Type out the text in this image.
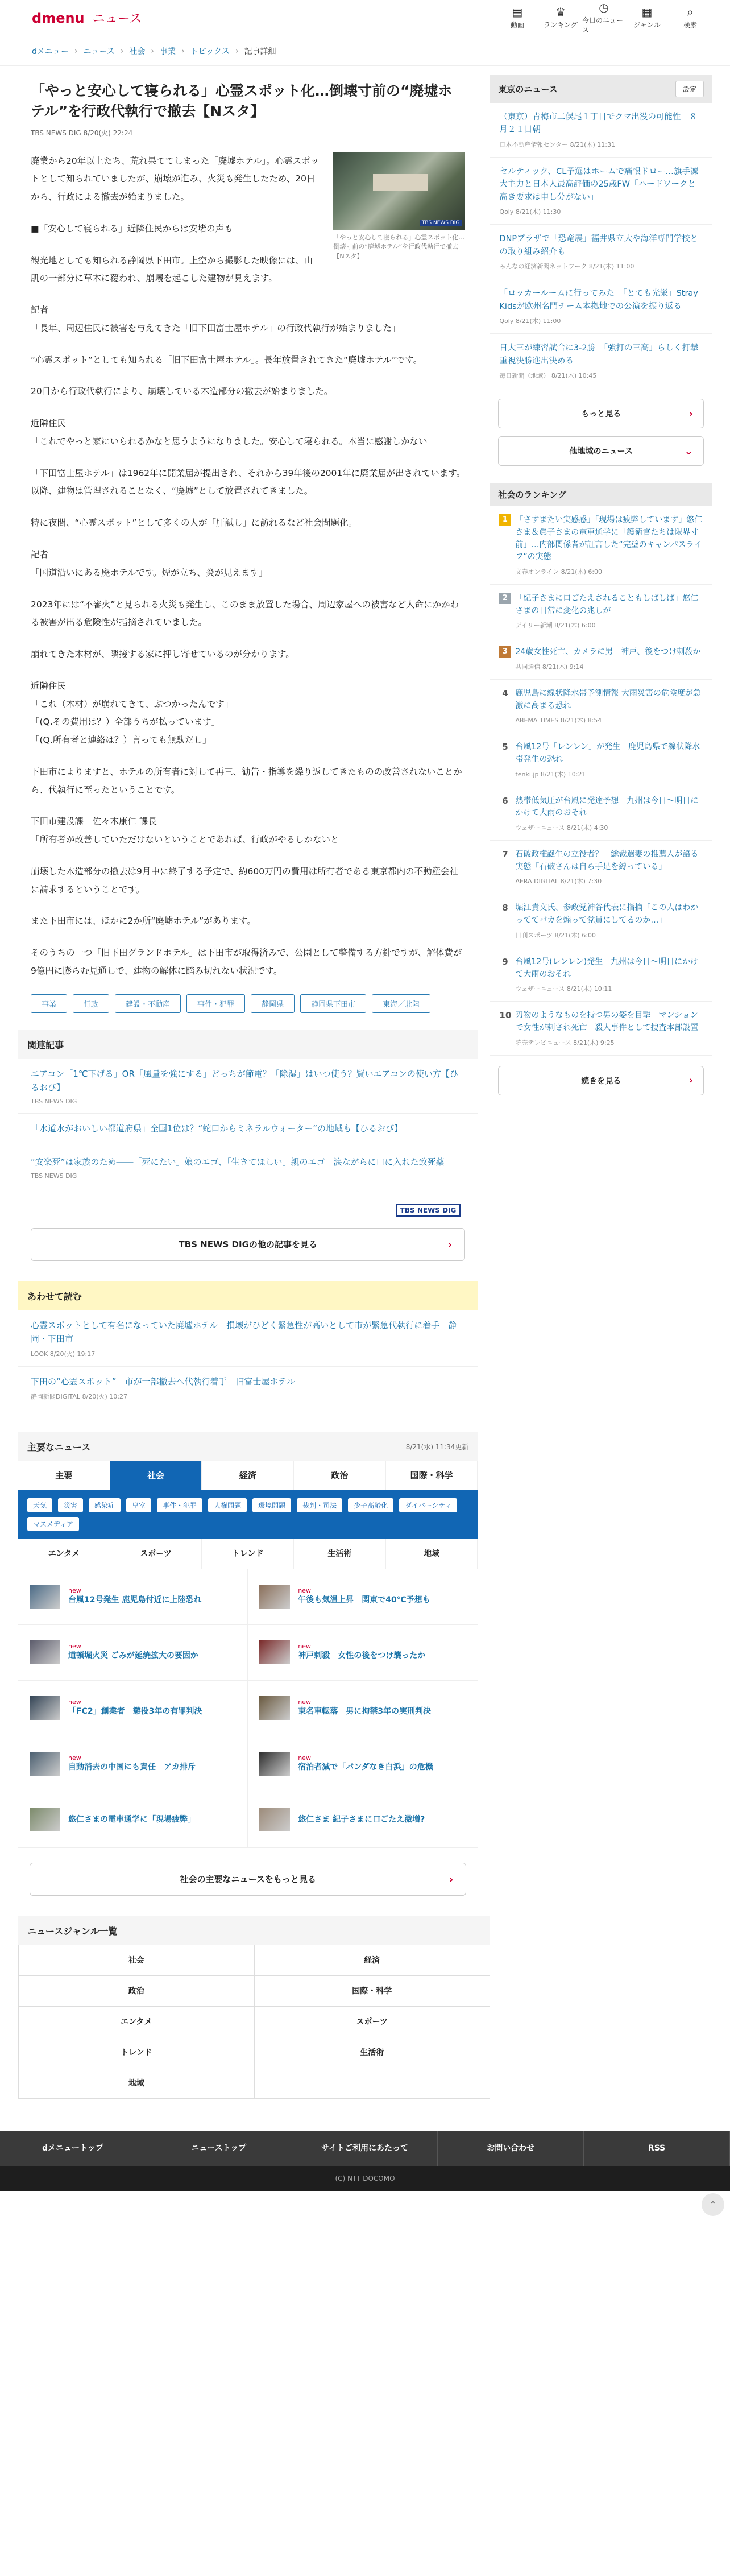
dmenu ニュース	▤
動画
♛
ランキング
◷
今日のニュース
▦
ジャンル
⌕
検索
dメニュー › ニュース › 社会 › 事業 › トピックス › 記事詳細
「やっと安心して寝られる」心霊スポット化…倒壊寸前の“廃墟ホテル”を行政代執行で撤去【Nスタ】
TBS NEWS DIG 8/20(火) 22:24
TBS NEWS DIG
「やっと安心して寝られる」心霊スポット化…倒壊寸前の“廃墟ホテル”を行政代執行で撤去【Nスタ】

廃業から20年以上たち、荒れ果ててしまった「廃墟ホテル」。心霊スポットとして知られていましたが、崩壊が進み、火災も発生したため、20日から、行政による撤去が始まりました。

■「安心して寝られる」近隣住民からは安堵の声も

観光地としても知られる静岡県下田市。上空から撮影した映像には、山肌の一部分に草木に覆われ、崩壊を起こした建物が見えます。

記者
「長年、周辺住民に被害を与えてきた「旧下田富士屋ホテル」の行政代執行が始まりました」

“心霊スポット”としても知られる「旧下田富士屋ホテル」。長年放置されてきた“廃墟ホテル”です。

20日から行政代執行により、崩壊している木造部分の撤去が始まりました。

近隣住民
「これでやっと家にいられるかなと思うようになりました。安心して寝られる。本当に感謝しかない」

「下田富士屋ホテル」は1962年に開業届が提出され、それから39年後の2001年に廃業届が出されています。以降、建物は管理されることなく、“廃墟”として放置されてきました。

特に夜間、“心霊スポット”として多くの人が「肝試し」に訪れるなど社会問題化。

記者
「国道沿いにある廃ホテルです。煙が立ち、炎が見えます」

2023年には“不審火”と見られる火災も発生し、このまま放置した場合、周辺家屋への被害など人命にかかわる被害が出る危険性が指摘されていました。

崩れてきた木材が、隣接する家に押し寄せているのが分かります。

近隣住民
「これ（木材）が崩れてきて、ぶつかったんです」
「(Q.その費用は？）全部うちが払っています」
「(Q.所有者と連絡は？）言っても無駄だし」

下田市によりますと、ホテルの所有者に対して再三、勧告・指導を繰り返してきたものの改善されないことから、代執行に至ったということです。

下田市建設課　佐々木康仁 課長
「所有者が改善していただけないということであれば、行政がやるしかないと」

崩壊した木造部分の撤去は9月中に終了する予定で、約600万円の費用は所有者である東京都内の不動産会社に請求するということです。

また下田市には、ほかに2か所“廃墟ホテル”があります。

そのうちの一つ「旧下田グランドホテル」は下田市が取得済みで、公園として整備する方針ですが、解体費が9億円に膨らむ見通しで、建物の解体に踏み切れない状況です。

事業	行政	建設・不動産	事件・犯罪	静岡県	静岡県下田市	東海／北陸
関連記事
エアコン「1℃下げる」OR「風量を強にする」どっちが節電？「除湿」はいつ使う？賢いエアコンの使い方【ひるおび】
TBS NEWS DIG
「水道水がおいしい都道府県」全国1位は？“蛇口からミネラルウォーター”の地域も【ひるおび】
“安楽死”は家族のため――「死にたい」娘のエゴ、「生きてほしい」親のエゴ　涙ながらに口に入れた致死薬
TBS NEWS DIG
TBS NEWS DIG
TBS NEWS DIGの他の記事を見る	›
あわせて読む
心霊スポットとして有名になっていた廃墟ホテル　損壊がひどく緊急性が高いとして市が緊急代執行に着手　静岡・下田市
LOOK 8/20(火) 19:17
下田の“心霊スポット”　市が一部撤去へ代執行着手　旧富士屋ホテル
静岡新聞DIGITAL 8/20(火) 10:27
主要なニュース	8/21(水) 11:34更新
主要	社会	経済	政治	国際・科学
天気	災害	感染症	皇室	事件・犯罪	人権問題	環境問題	裁判・司法	少子高齢化	ダイバーシティ
マスメディア
エンタメ	スポーツ	トレンド	生活術	地域
new
台風12号発生 鹿児島付近に上陸恐れ
new
午後も気温上昇　関東で40℃予想も
new
道頓堀火災 ごみが延焼拡大の要因か
new
神戸刺殺　女性の後をつけ襲ったか
new
「FC2」創業者　懲役3年の有罪判決
new
東名車転落　男に拘禁3年の実刑判決
new
自動消去の中国にも責任　アカ排斥
new
宿泊者減で「パンダなき白浜」の危機
悠仁さまの電車通学に「現場疲弊」	悠仁さま 紀子さまに口ごたえ激増?
社会の主要なニュースをもっと見る	›
東京のニュース	設定
（東京）青梅市二俣尾１丁目でクマ出没の可能性　８月２１日朝
日本不動産情報センター 8/21(木) 11:31
セルティック、CL予選はホームで痛恨ドロー…旗手凜大主力と日本人最高評価の25歳FW「ハードワークと高き要求は申し分がない」
Qoly 8/21(木) 11:30
DNPプラザで「恐竜展」福井県立大や海洋専門学校との取り組み紹介も
みんなの経済新聞ネットワーク 8/21(木) 11:00
「ロッカールームに行ってみた」「とても光栄」Stray Kidsが欧州名門チーム本拠地での公演を振り返る
Qoly 8/21(木) 11:00
日大三が練習試合に3-2勝　「強打の三高」らしく打撃重視決勝進出決める
毎日新聞（地域） 8/21(木) 10:45
もっと見る	›
他地域のニュース	⌄
社会のランキング
1 「さすまたい実感感」「現場は疲弊しています」悠仁さま＆眞子さまの電車通学に「護衛官たちは限界寸前」…内部関係者が証言した“完璧のキャンパスライフ”の実態
文春オンライン 8/21(木) 6:00
2 「紀子さまに口ごたえされることもしばしば」悠仁さまの日常に変化の兆しが
デイリー新潮 8/21(木) 6:00
3 24歳女性死亡、カメラに男　神戸、後をつけ刺殺か
共同通信 8/21(木) 9:14
4 鹿児島に線状降水帯予測情報 大雨災害の危険度が急激に高まる恐れ
ABEMA TIMES 8/21(木) 8:54
5 台風12号「レンレン」が発生　鹿児島県で線状降水帯発生の恐れ
tenki.jp 8/21(木) 10:21
6 熱帯低気圧が台風に発達予想　九州は今日〜明日にかけて大雨のおそれ
ウェザーニュース 8/21(木) 4:30
7 石破政権誕生の立役者？　総裁選妻の推薦人が語る実態「石破さんは自ら手足を縛っている」
AERA DIGITAL 8/21(木) 7:30
8 堀江貴文氏、参政党神谷代表に指摘「この人はわかっててバカを煽って党員にしてるのか…」
日刊スポーツ 8/21(木) 6:00
9 台風12号(レンレン)発生　九州は今日〜明日にかけて大雨のおそれ
ウェザーニュース 8/21(木) 10:11
10 刃物のようなものを持つ男の姿を目撃　マンションで女性が刺され死亡　殺人事件として捜査本部設置
読売テレビニュース 8/21(木) 9:25
続きを見る	›
ニュースジャンル一覧
社会	経済
政治	国際・科学
エンタメ	スポーツ
トレンド	生活術
地域
dメニュートップ	ニューストップ	サイトご利用にあたって	お問い合わせ	RSS
(C) NTT DOCOMO
⌃
